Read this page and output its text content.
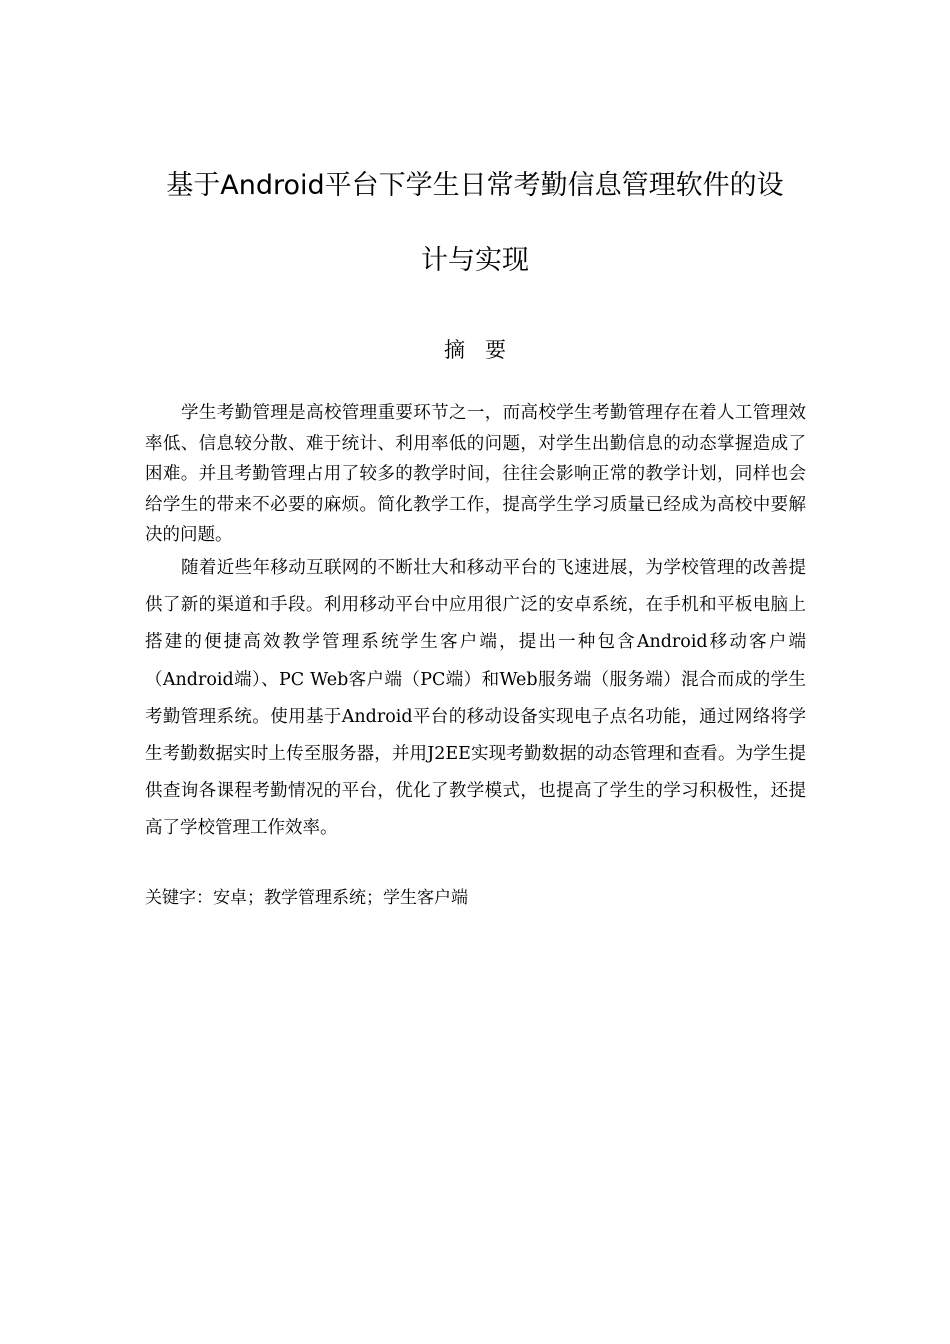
基于Android平台下学生日常考勤信息管理软件的设
计与实现
摘要

学生考勤管理是高校管理重要环节之一，而高校学生考勤管理存在着人工管理效率低、信息较分散、难于统计、利用率低的问题，对学生出勤信息的动态掌握造成了困难。并且考勤管理占用了较多的教学时间，往往会影响正常的教学计划，同样也会给学生的带来不必要的麻烦。简化教学工作，提高学生学习质量已经成为高校中要解决的问题。

随着近些年移动互联网的不断壮大和移动平台的飞速进展，为学校管理的改善提供了新的渠道和手段。利用移动平台中应用很广泛的安卓系统，在手机和平板电脑上搭建的便捷高效教学管理系统学生客户端，提出一种包含Android移动客户端（Android端）、PC Web客户端（PC端）和Web服务端（服务端）混合而成的学生考勤管理系统。使用基于Android平台的移动设备实现电子点名功能，通过网络将学生考勤数据实时上传至服务器，并用J2EE实现考勤数据的动态管理和查看。为学生提供查询各课程考勤情况的平台，优化了教学模式，也提高了学生的学习积极性，还提高了学校管理工作效率。

关键字：安卓；教学管理系统；学生客户端
